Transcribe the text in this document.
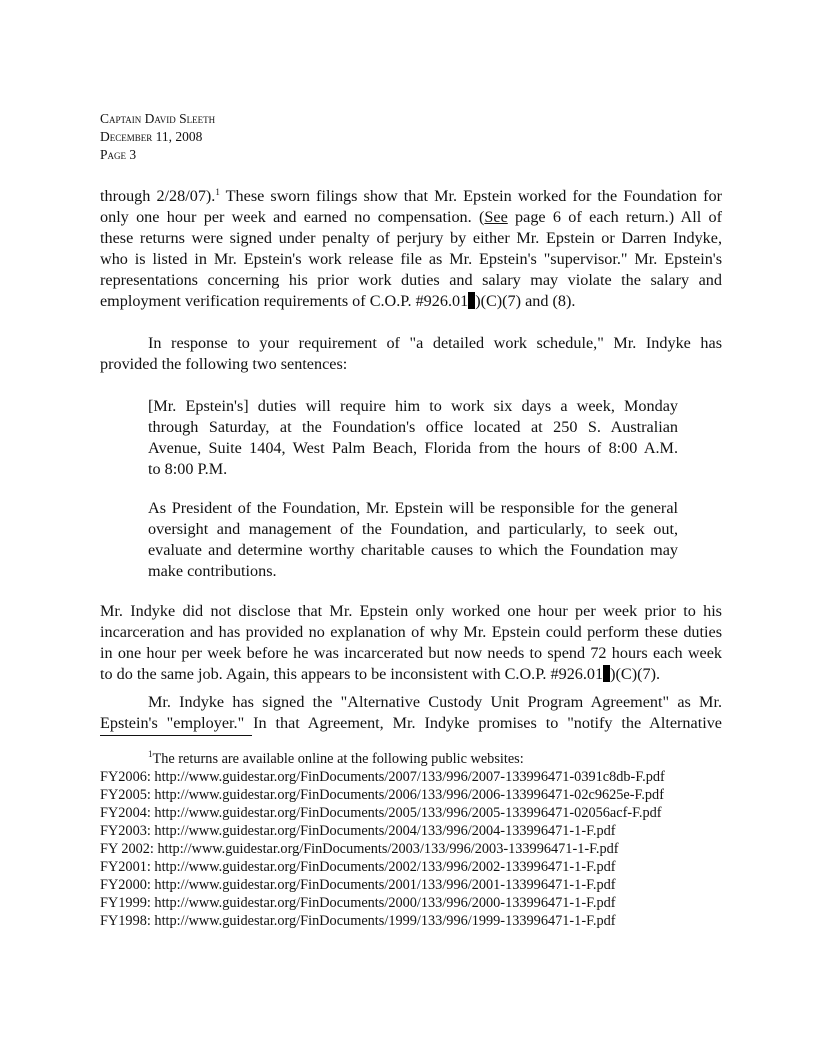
Captain David Sleeth
December 11, 2008
Page 3
through 2/28/07).$^1$ These sworn filings show that Mr. Epstein worked for the Foundation for
only one hour per week and earned no compensation. (See page 6 of each return.) All of
these returns were signed under penalty of perjury by either Mr. Epstein or Darren Indyke,
who is listed in Mr. Epstein's work release file as Mr. Epstein's "supervisor." Mr. Epstein's
representations concerning his prior work duties and salary may violate the salary and
employment verification requirements of C.O.P. #926.01 )(C)(7) and (8).
In response to your requirement of "a detailed work schedule," Mr. Indyke has
provided the following two sentences:
[Mr. Epstein's] duties will require him to work six days a week, Monday
through Saturday, at the Foundation's office located at 250 S. Australian
Avenue, Suite 1404, West Palm Beach, Florida from the hours of 8:00 A.M.
to 8:00 P.M.
As President of the Foundation, Mr. Epstein will be responsible for the general
oversight and management of the Foundation, and particularly, to seek out,
evaluate and determine worthy charitable causes to which the Foundation may
make contributions.
Mr. Indyke did not disclose that Mr. Epstein only worked one hour per week prior to his
incarceration and has provided no explanation of why Mr. Epstein could perform these duties
in one hour per week before he was incarcerated but now needs to spend 72 hours each week
to do the same job. Again, this appears to be inconsistent with C.O.P. #926.01 )(C)(7).
Mr. Indyke has signed the "Alternative Custody Unit Program Agreement" as Mr.
Epstein's "employer." In that Agreement, Mr. Indyke promises to "notify the Alternative
$^1$The returns are available online at the following public websites:
FY2006: http://www.guidestar.org/FinDocuments/2007/133/996/2007-133996471-0391c8db-F.pdf
FY2005: http://www.guidestar.org/FinDocuments/2006/133/996/2006-133996471-02c9625e-F.pdf
FY2004: http://www.guidestar.org/FinDocuments/2005/133/996/2005-133996471-02056acf-F.pdf
FY2003: http://www.guidestar.org/FinDocuments/2004/133/996/2004-133996471-1-F.pdf
FY 2002: http://www.guidestar.org/FinDocuments/2003/133/996/2003-133996471-1-F.pdf
FY2001: http://www.guidestar.org/FinDocuments/2002/133/996/2002-133996471-1-F.pdf
FY2000: http://www.guidestar.org/FinDocuments/2001/133/996/2001-133996471-1-F.pdf
FY1999: http://www.guidestar.org/FinDocuments/2000/133/996/2000-133996471-1-F.pdf
FY1998: http://www.guidestar.org/FinDocuments/1999/133/996/1999-133996471-1-F.pdf
